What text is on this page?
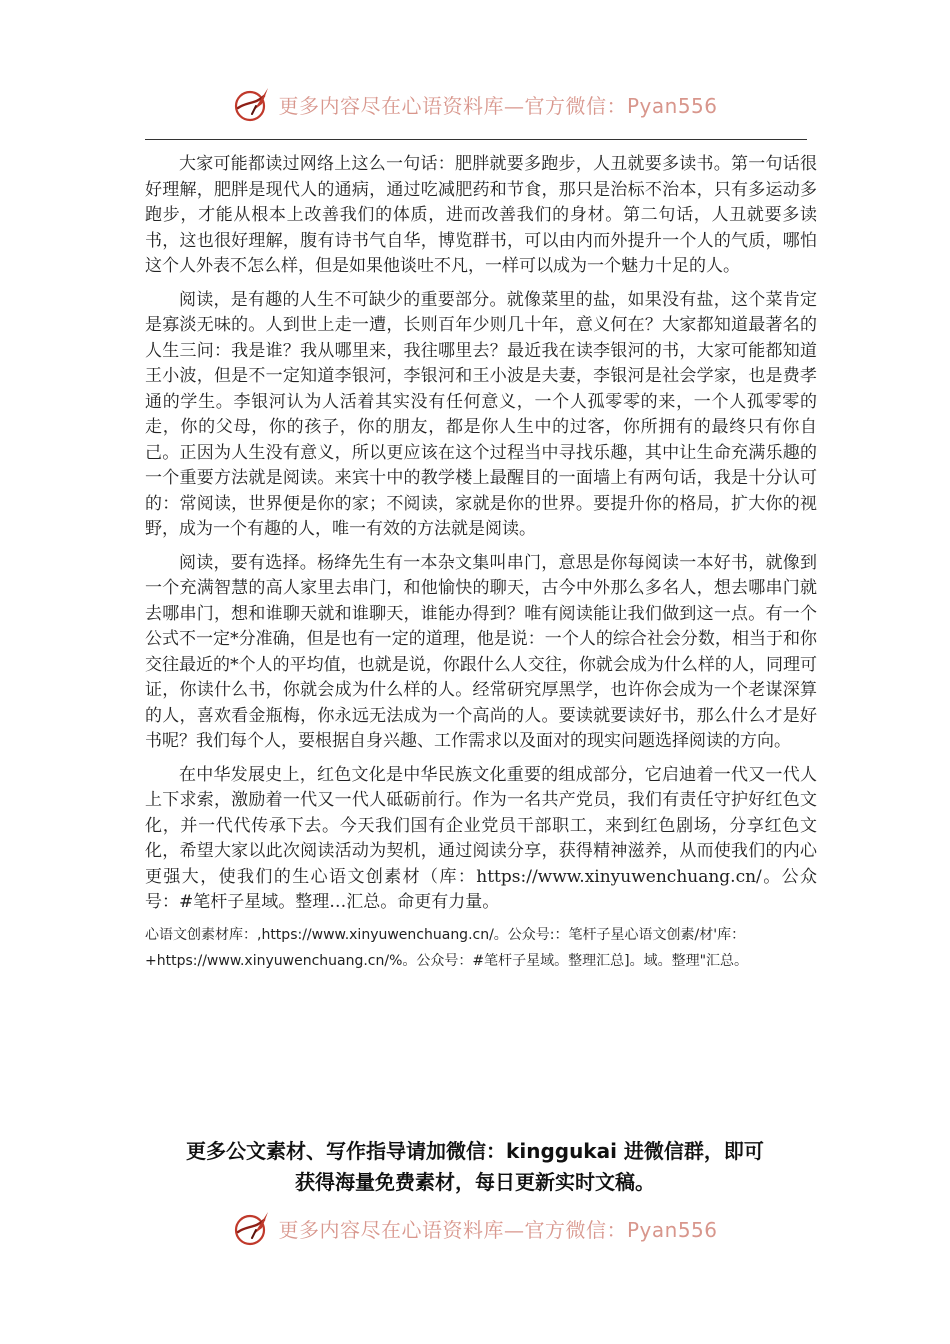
更多内容尽在心语资料库—官方微信：Pyan556

大家可能都读过网络上这么一句话：肥胖就要多跑步，人丑就要多读书。第一句话很好理解，肥胖是现代人的通病，通过吃减肥药和节食，那只是治标不治本，只有多运动多跑步，才能从根本上改善我们的体质，进而改善我们的身材。第二句话，人丑就要多读书，这也很好理解，腹有诗书气自华，博览群书，可以由内而外提升一个人的气质，哪怕这个人外表不怎么样，但是如果他谈吐不凡，一样可以成为一个魅力十足的人。

阅读，是有趣的人生不可缺少的重要部分。就像菜里的盐，如果没有盐，这个菜肯定是寡淡无味的。人到世上走一遭，长则百年少则几十年，意义何在？大家都知道最著名的人生三问：我是谁？我从哪里来，我往哪里去？最近我在读李银河的书，大家可能都知道王小波，但是不一定知道李银河，李银河和王小波是夫妻，李银河是社会学家，也是费孝通的学生。李银河认为人活着其实没有任何意义，一个人孤零零的来，一个人孤零零的走，你的父母，你的孩子，你的朋友，都是你人生中的过客，你所拥有的最终只有你自己。正因为人生没有意义，所以更应该在这个过程当中寻找乐趣，其中让生命充满乐趣的一个重要方法就是阅读。来宾十中的教学楼上最醒目的一面墙上有两句话，我是十分认可的：常阅读，世界便是你的家；不阅读，家就是你的世界。要提升你的格局，扩大你的视野，成为一个有趣的人，唯一有效的方法就是阅读。

阅读，要有选择。杨绛先生有一本杂文集叫串门，意思是你每阅读一本好书，就像到一个充满智慧的高人家里去串门，和他愉快的聊天，古今中外那么多名人，想去哪串门就去哪串门，想和谁聊天就和谁聊天，谁能办得到？唯有阅读能让我们做到这一点。有一个公式不一定*分准确，但是也有一定的道理，他是说：一个人的综合社会分数，相当于和你交往最近的*个人的平均值，也就是说，你跟什么人交往，你就会成为什么样的人，同理可证，你读什么书，你就会成为什么样的人。经常研究厚黑学，也许你会成为一个老谋深算的人，喜欢看金瓶梅，你永远无法成为一个高尚的人。要读就要读好书，那么什么才是好书呢？我们每个人，要根据自身兴趣、工作需求以及面对的现实问题选择阅读的方向。

在中华发展史上，红色文化是中华民族文化重要的组成部分，它启迪着一代又一代人上下求索，激励着一代又一代人砥砺前行。作为一名共产党员，我们有责任守护好红色文化，并一代代传承下去。今天我们国有企业党员干部职工，来到红色剧场，分享红色文化，希望大家以此次阅读活动为契机，通过阅读分享，获得精神滋养，从而使我们的内心更强大，使我们的生心语文创素材（库：https://www.xinyuwenchuang.cn/。公众号：#笔杆子星域。整理…汇总。命更有力量。

心语文创素材库：,https://www.xinyuwenchuang.cn/。公众号:：笔杆子星心语文创素/材'库：

+https://www.xinyuwenchuang.cn/%。公众号：#笔杆子星域。整理汇总]。域。整理"汇总。

更多公文素材、写作指导请加微信：kinggukai 进微信群，即可
获得海量免费素材，每日更新实时文稿。
更多内容尽在心语资料库—官方微信：Pyan556
